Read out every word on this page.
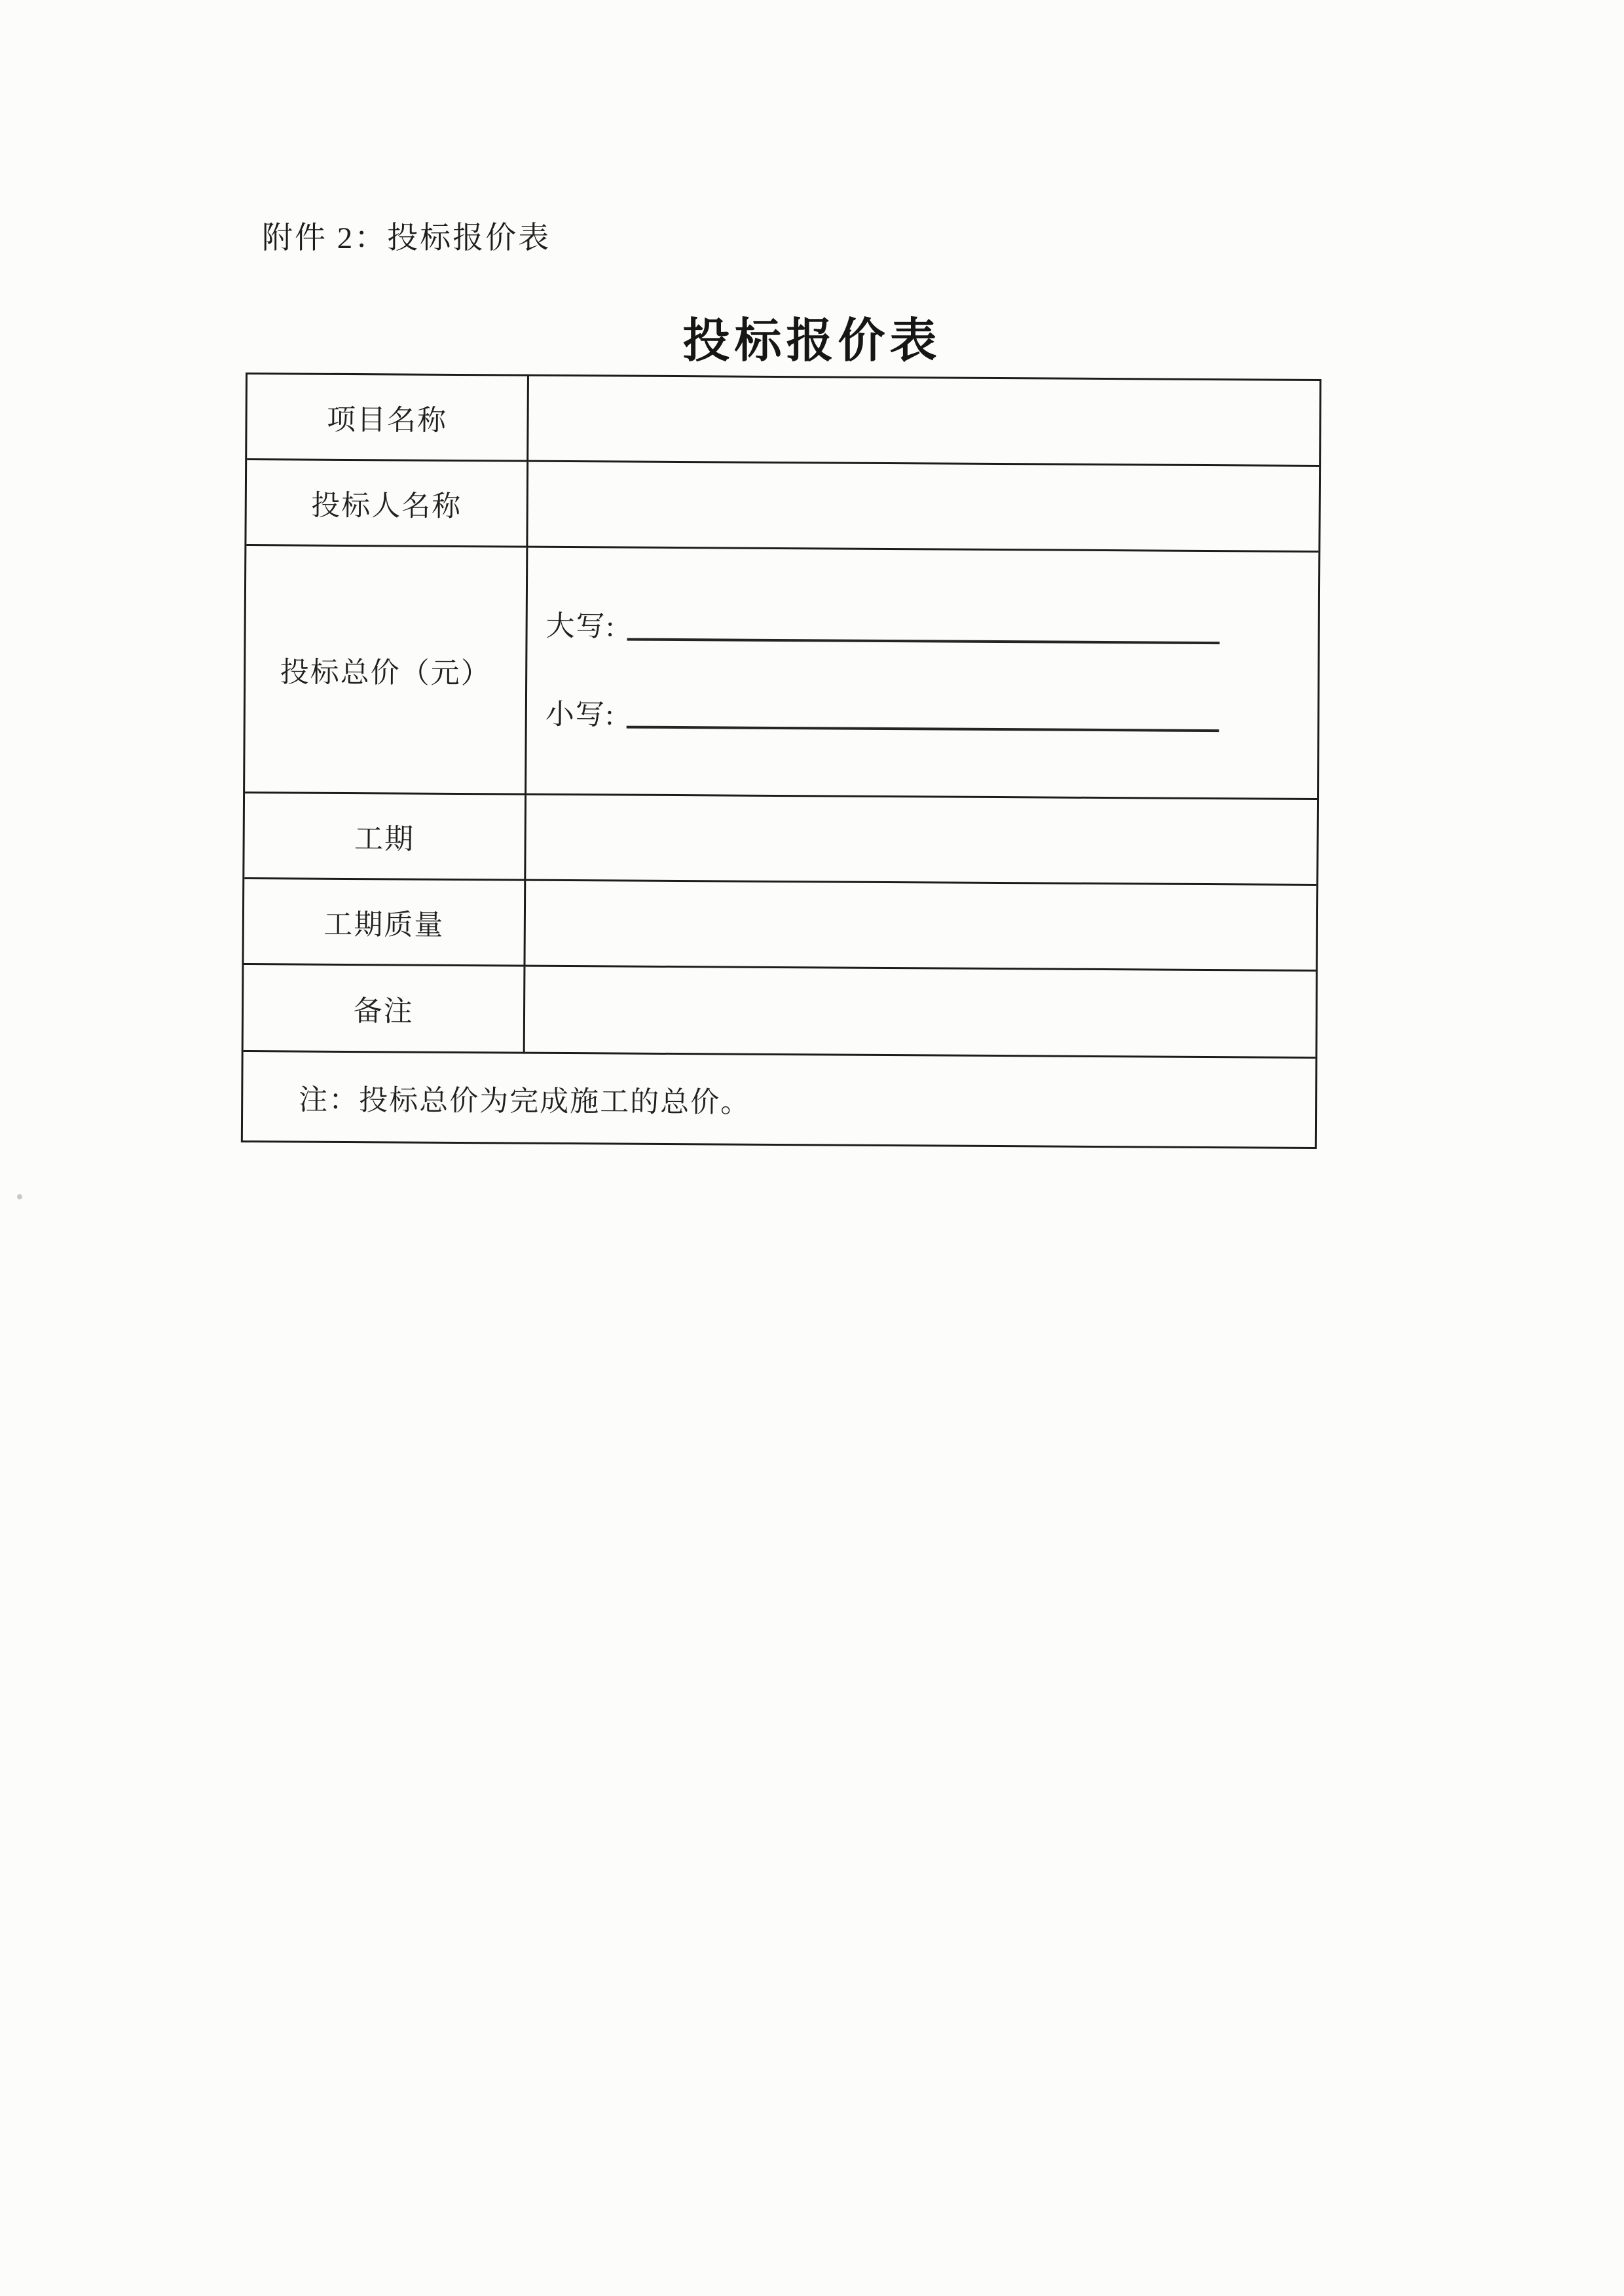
附件 2：投标报价表
投标报价表
项目名称
投标人名称
投标总价（元）
大写:
小写:
工期
工期质量
备注
注：投标总价为完成施工的总价。
